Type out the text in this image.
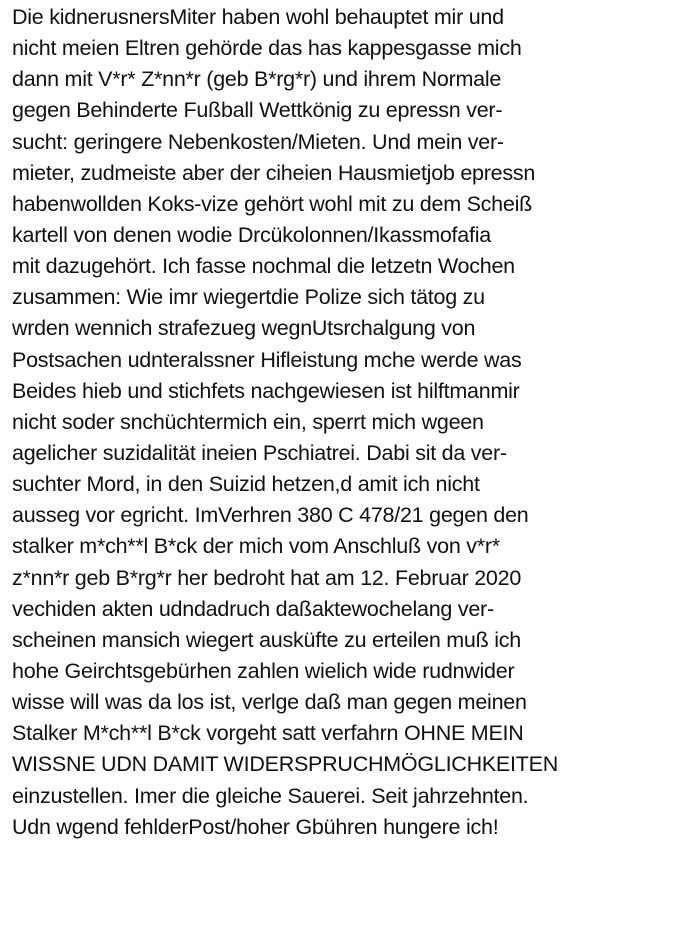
Die kidnerusnersMiter haben wohl behauptet mir und
nicht meien Eltren gehörde das has kappesgasse mich
dann mit V*r* Z*nn*r (geb B*rg*r) und ihrem Normale
gegen Behinderte Fußball Wettkönig zu epressn ver-
sucht: geringere Nebenkosten/Mieten. Und mein ver-
mieter, zudmeiste aber der ciheien Hausmietjob epressn
habenwollden Koks-vize gehört wohl mit zu dem Scheiß
kartell von denen wodie Drcükolonnen/Ikassmofafia
mit dazugehört. Ich fasse nochmal die letzetn Wochen
zusammen: Wie imr wiegertdie Polize sich tätog zu
wrden wennich strafezueg wegnUtsrchalgung von
Postsachen udnteralssner Hifleistung mche werde was
Beides hieb und stichfets nachgewiesen ist hilftmanmir
nicht soder snchüchtermich ein, sperrt mich wgeen
agelicher suzidalität ineien Pschiatrei. Dabi sit da ver-
suchter Mord, in den Suizid hetzen,d amit ich nicht
ausseg vor egricht. ImVerhren 380 C 478/21 gegen den
stalker m*ch**l B*ck der mich vom Anschluß von v*r*
z*nn*r geb B*rg*r her bedroht hat am 12. Februar 2020
vechiden akten udndadruch daßaktewochelang ver-
scheinen mansich wiegert ausküfte zu erteilen muß ich
hohe Geirchtsgebürhen zahlen wielich wide rudnwider
wisse will was da los ist, verlge daß man gegen meinen
Stalker M*ch**l B*ck vorgeht satt verfahrn OHNE MEIN
WISSNE UDN DAMIT WIDERSPRUCHMÖGLICHKEITEN
einzustellen. Imer die gleiche Sauerei. Seit jahrzehnten.
Udn wgend fehlderPost/hoher Gbühren hungere ich!
